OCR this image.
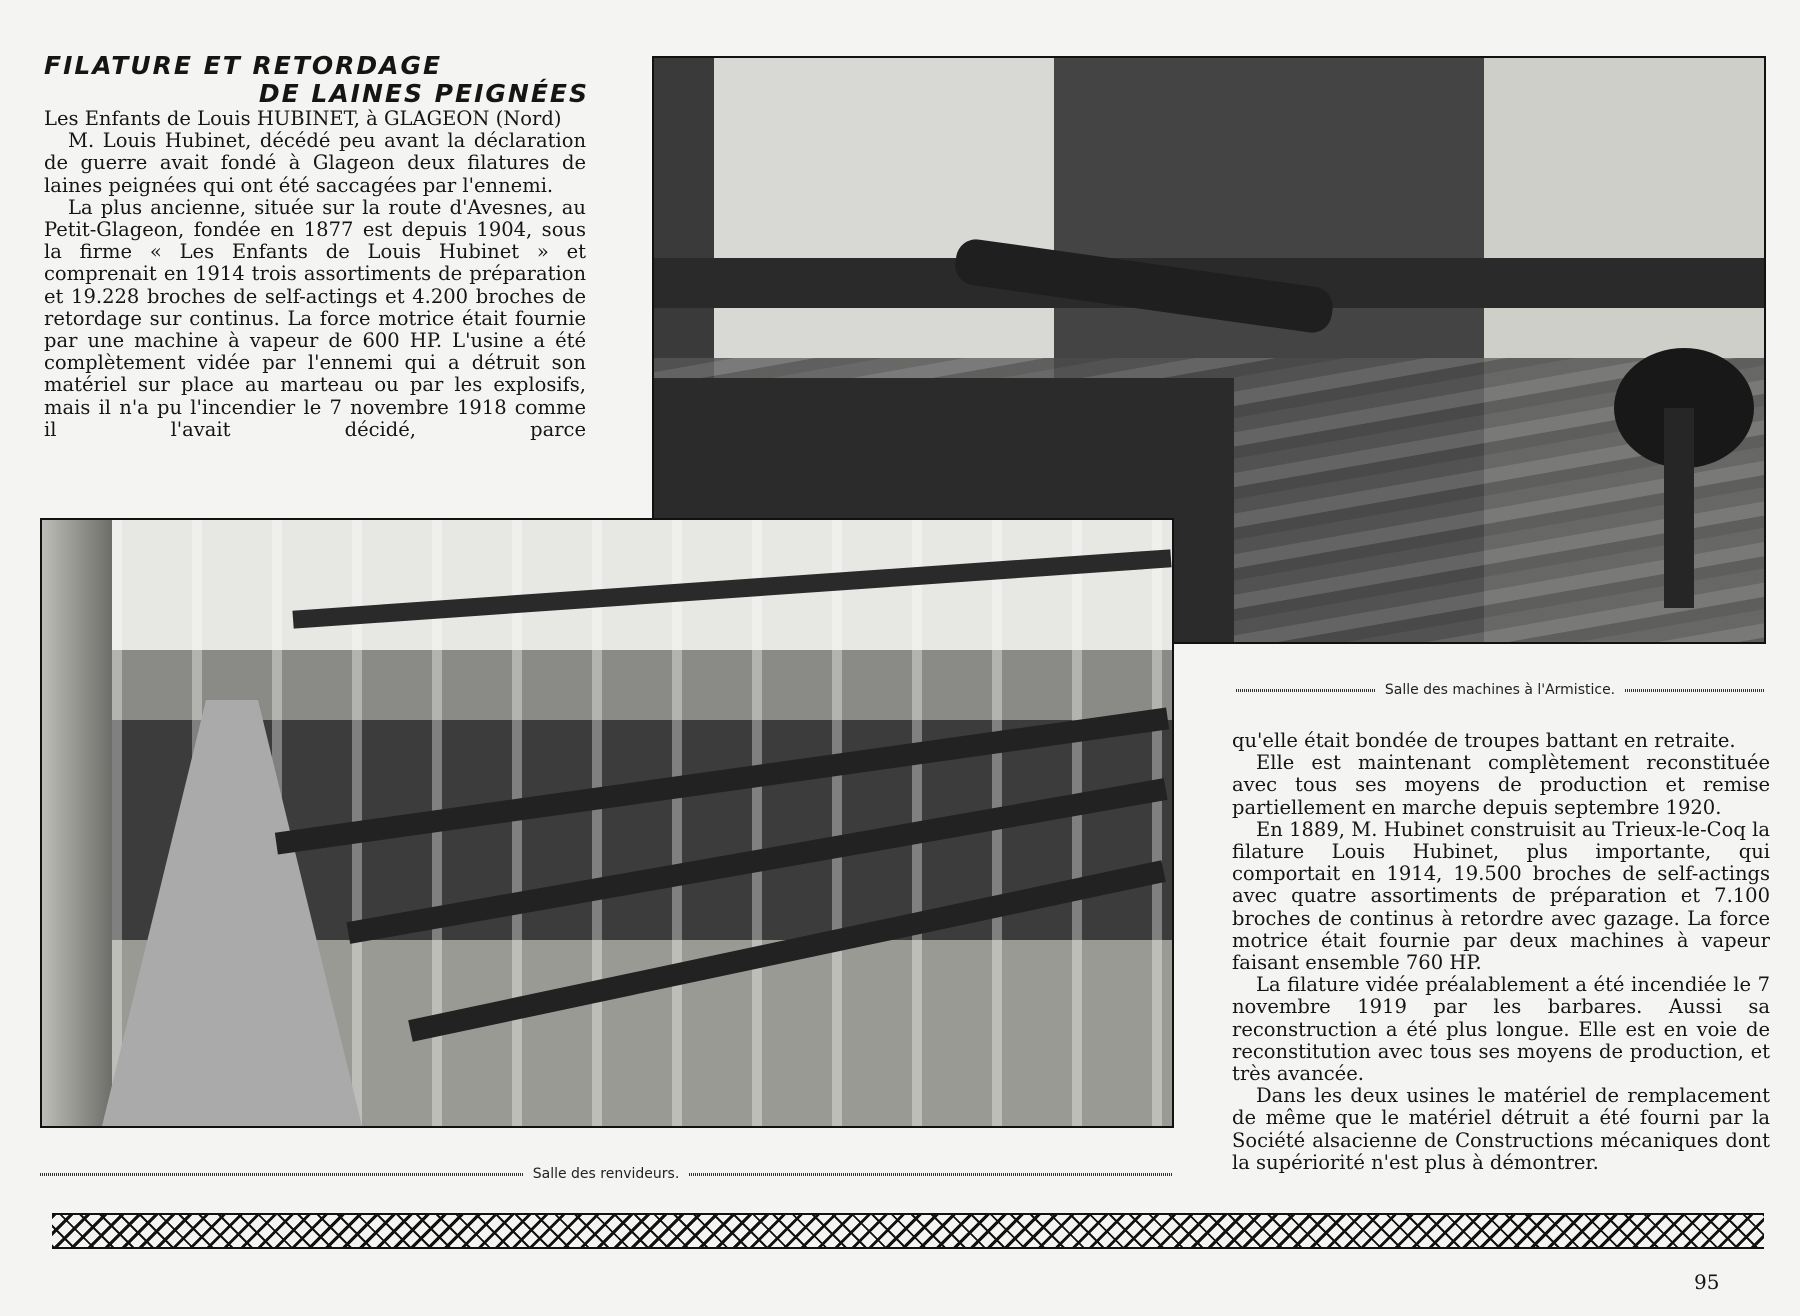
FILATURE ET RETORDAGE
DE LAINES PEIGNÉES

Les Enfants de Louis HUBINET, à GLAGEON (Nord)

M. Louis Hubinet, décédé peu avant la déclaration de guerre avait fondé à Glageon deux filatures de laines peignées qui ont été saccagées par l'ennemi.

La plus ancienne, située sur la route d'Avesnes, au Petit-Glageon, fondée en 1877 est depuis 1904, sous la firme « Les Enfants de Louis Hubinet » et comprenait en 1914 trois assortiments de préparation et 19.228 broches de self-actings et 4.200 broches de retordage sur continus. La force motrice était fournie par une machine à vapeur de 600 HP. L'usine a été complètement vidée par l'ennemi qui a détruit son matériel sur place au marteau ou par les explosifs, mais il n'a pu l'incendier le 7 novembre 1918 comme il l'avait décidé, parce

Salle des machines à l'Armistice.
Salle des renvideurs.

qu'elle était bondée de troupes battant en retraite.

Elle est maintenant complètement reconstituée avec tous ses moyens de production et remise partiellement en marche depuis septembre 1920.

En 1889, M. Hubinet construisit au Trieux-le-Coq la filature Louis Hubinet, plus importante, qui comportait en 1914, 19.500 broches de self-actings avec quatre assortiments de préparation et 7.100 broches de continus à retordre avec gazage. La force motrice était fournie par deux machines à vapeur faisant ensemble 760 HP.

La filature vidée préalablement a été incendiée le 7 novembre 1919 par les barbares. Aussi sa reconstruction a été plus longue. Elle est en voie de reconstitution avec tous ses moyens de production, et très avancée.

Dans les deux usines le matériel de remplacement de même que le matériel détruit a été fourni par la Société alsacienne de Constructions mécaniques dont la supériorité n'est plus à démontrer.

95
